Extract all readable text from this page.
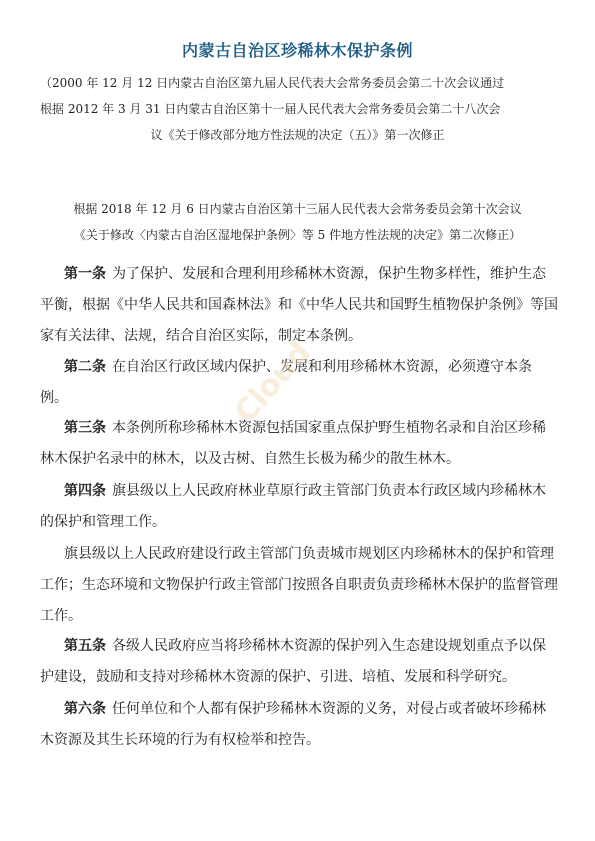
内蒙古自治区珍稀林木保护条例
（2000 年 12 月 12 日内蒙古自治区第九届人民代表大会常务委员会第二十次会议通过
根据 2012 年 3 月 31 日内蒙古自治区第十一届人民代表大会常务委员会第二十八次会
议《关于修改部分地方性法规的决定（五）》第一次修正
根据 2018 年 12 月 6 日内蒙古自治区第十三届人民代表大会常务委员会第十次会议
《关于修改〈内蒙古自治区湿地保护条例〉等 5 件地方性法规的决定》第二次修正）
第一条 为了保护、发展和合理利用珍稀林木资源，保护生物多样性，维护生态
平衡，根据《中华人民共和国森林法》和《中华人民共和国野生植物保护条例》等国
家有关法律、法规，结合自治区实际，制定本条例。
第二条 在自治区行政区域内保护、发展和利用珍稀林木资源，必须遵守本条
例。
第三条 本条例所称珍稀林木资源包括国家重点保护野生植物名录和自治区珍稀
林木保护名录中的林木，以及古树、自然生长极为稀少的散生林木。
第四条 旗县级以上人民政府林业草原行政主管部门负责本行政区域内珍稀林木
的保护和管理工作。
旗县级以上人民政府建设行政主管部门负责城市规划区内珍稀林木的保护和管理
工作；生态环境和文物保护行政主管部门按照各自职责负责珍稀林木保护的监督管理
工作。
第五条 各级人民政府应当将珍稀林木资源的保护列入生态建设规划重点予以保
护建设，鼓励和支持对珍稀林木资源的保护、引进、培植、发展和科学研究。
第六条 任何单位和个人都有保护珍稀林木资源的义务，对侵占或者破坏珍稀林
木资源及其生长环境的行为有权检举和控告。
Cloud
